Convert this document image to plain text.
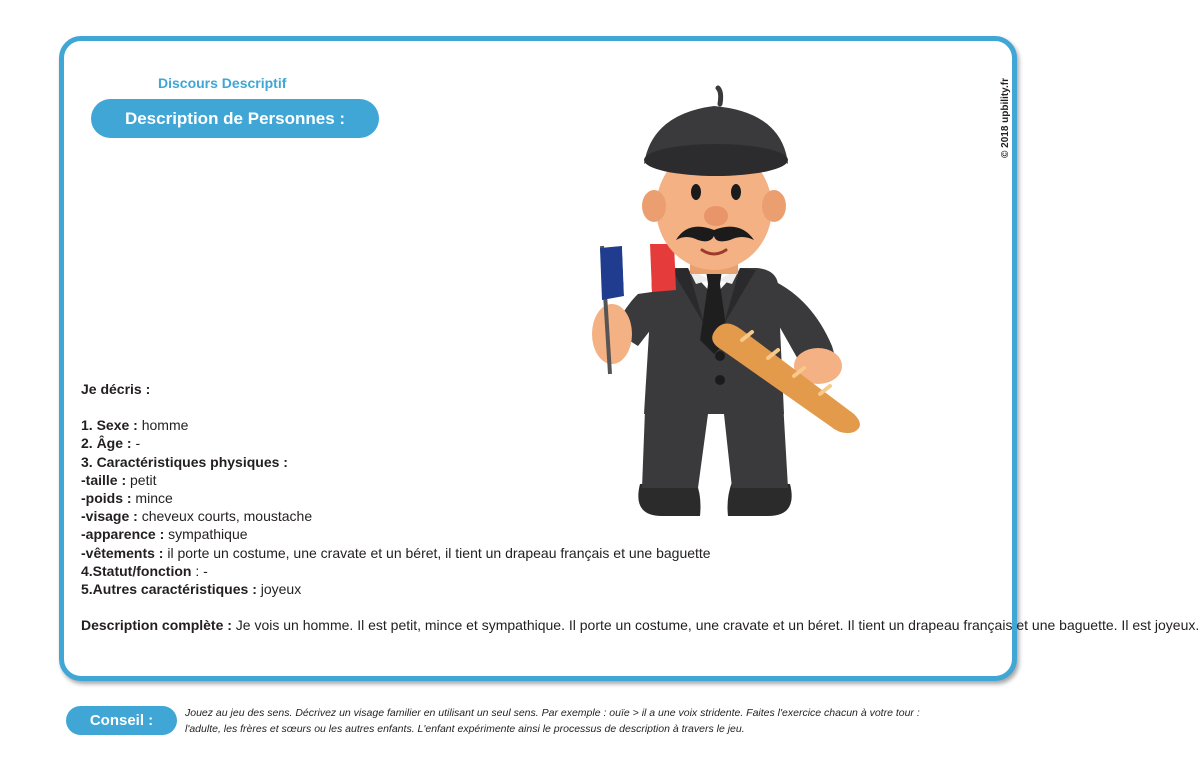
Discours Descriptif
Description de Personnes :	© 2018 upbility.fr
Je décris :
1. Sexe : homme
2. Âge : -
3. Caractéristiques physiques :
-taille : petit
-poids : mince
-visage : cheveux courts, moustache
-apparence : sympathique
-vêtements : il porte un costume, une cravate et un béret, il tient un drapeau français et une baguette
4.Statut/fonction : -
5.Autres caractéristiques : joyeux
Description complète : Je vois un homme. Il est petit, mince et sympathique. Il porte un costume, une cravate et un béret. Il tient un drapeau français et une baguette. Il est joyeux.
Conseil :	Jouez au jeu des sens. Décrivez un visage familier en utilisant un seul sens. Par exemple : ouïe > il a une voix stridente. Faites l'exercice chacun à votre tour : l'adulte, les frères et sœurs ou les autres enfants. L'enfant expérimente ainsi le processus de description à travers le jeu.
